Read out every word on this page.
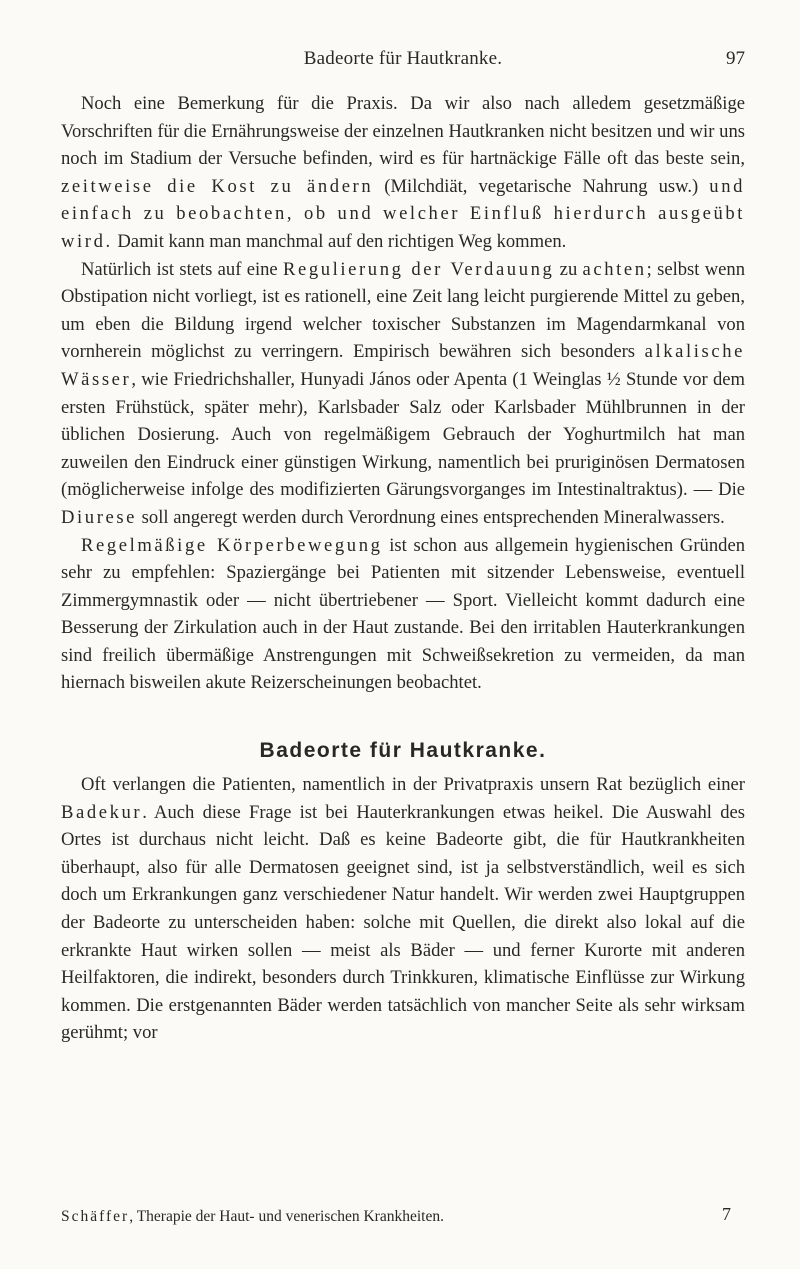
Badeorte für Hautkranke.	97

Noch eine Bemerkung für die Praxis. Da wir also nach alledem gesetzmäßige Vorschriften für die Ernährungsweise der einzelnen Hautkranken nicht besitzen und wir uns noch im Stadium der Versuche befinden, wird es für hartnäckige Fälle oft das beste sein, zeitweise die Kost zu ändern (Milchdiät, vegetarische Nahrung usw.) und einfach zu beobachten, ob und welcher Einfluß hierdurch ausgeübt wird. Damit kann man manchmal auf den richtigen Weg kommen.

Natürlich ist stets auf eine Regulierung der Verdauung zu achten; selbst wenn Obstipation nicht vorliegt, ist es rationell, eine Zeit lang leicht purgierende Mittel zu geben, um eben die Bildung irgend welcher toxischer Substanzen im Magendarmkanal von vornherein möglichst zu verringern. Empirisch bewähren sich besonders alkalische Wässer, wie Friedrichshaller, Hunyadi János oder Apenta (1 Weinglas ½ Stunde vor dem ersten Frühstück, später mehr), Karlsbader Salz oder Karlsbader Mühlbrunnen in der üblichen Dosierung. Auch von regelmäßigem Gebrauch der Yoghurtmilch hat man zuweilen den Eindruck einer günstigen Wirkung, namentlich bei pruriginösen Dermatosen (möglicherweise infolge des modifizierten Gärungsvorganges im Intestinaltraktus). — Die Diurese soll angeregt werden durch Verordnung eines entsprechenden Mineralwassers.

Regelmäßige Körperbewegung ist schon aus allgemein hygienischen Gründen sehr zu empfehlen: Spaziergänge bei Patienten mit sitzender Lebensweise, eventuell Zimmergymnastik oder — nicht übertriebener — Sport. Vielleicht kommt dadurch eine Besserung der Zirkulation auch in der Haut zustande. Bei den irritablen Hauterkrankungen sind freilich übermäßige Anstrengungen mit Schweißsekretion zu vermeiden, da man hiernach bisweilen akute Reizerscheinungen beobachtet.

Badeorte für Hautkranke.

Oft verlangen die Patienten, namentlich in der Privatpraxis unsern Rat bezüglich einer Badekur. Auch diese Frage ist bei Hauterkrankungen etwas heikel. Die Auswahl des Ortes ist durchaus nicht leicht. Daß es keine Badeorte gibt, die für Hautkrankheiten überhaupt, also für alle Dermatosen geeignet sind, ist ja selbstverständlich, weil es sich doch um Erkrankungen ganz verschiedener Natur handelt. Wir werden zwei Hauptgruppen der Badeorte zu unterscheiden haben: solche mit Quellen, die direkt also lokal auf die erkrankte Haut wirken sollen — meist als Bäder — und ferner Kurorte mit anderen Heilfaktoren, die indirekt, besonders durch Trinkkuren, klimatische Einflüsse zur Wirkung kommen. Die erstgenannten Bäder werden tatsächlich von mancher Seite als sehr wirksam gerühmt; vor

Schäffer, Therapie der Haut- und venerischen Krankheiten.	7
